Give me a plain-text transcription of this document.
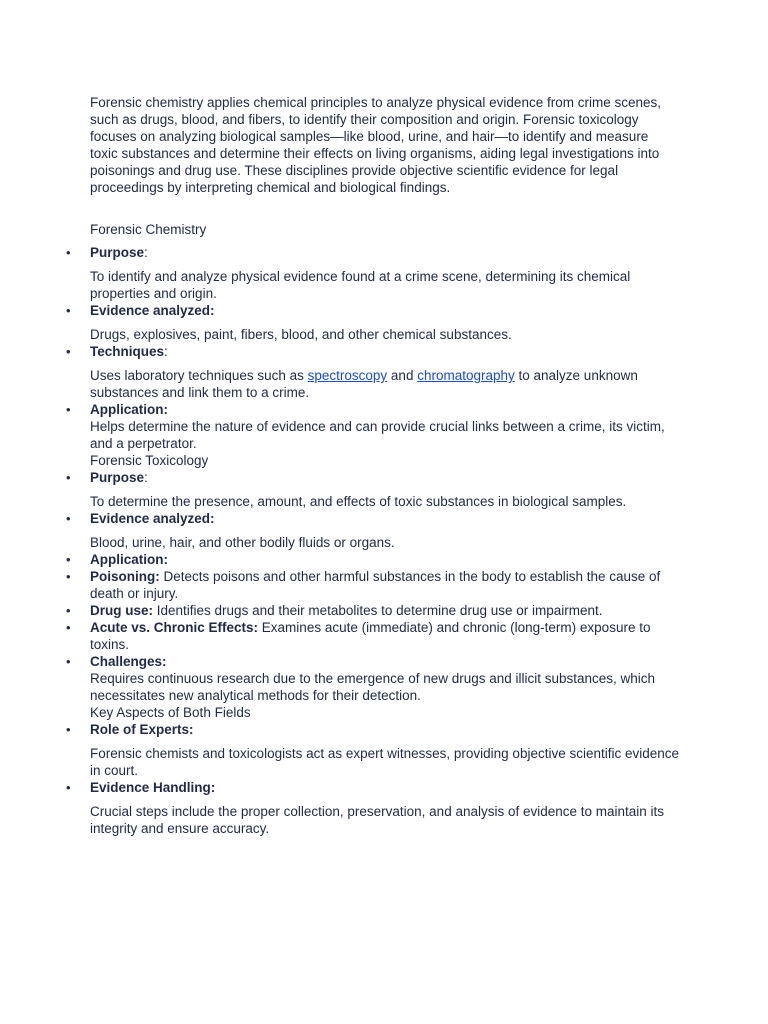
Forensic chemistry applies chemical principles to analyze physical evidence from crime scenes, such as drugs, blood, and fibers, to identify their composition and origin. Forensic toxicology focuses on analyzing biological samples—like blood, urine, and hair—to identify and measure toxic substances and determine their effects on living organisms, aiding legal investigations into poisonings and drug use. These disciplines provide objective scientific evidence for legal proceedings by interpreting chemical and biological findings.

Forensic Chemistry
• Purpose:
To identify and analyze physical evidence found at a crime scene, determining its chemical properties and origin.
• Evidence analyzed:
Drugs, explosives, paint, fibers, blood, and other chemical substances.
• Techniques:
Uses laboratory techniques such as spectroscopy and chromatography to analyze unknown substances and link them to a crime.
• Application:
Helps determine the nature of evidence and can provide crucial links between a crime, its victim, and a perpetrator.
Forensic Toxicology
• Purpose:
To determine the presence, amount, and effects of toxic substances in biological samples.
• Evidence analyzed:
Blood, urine, hair, and other bodily fluids or organs.
• Application:
• Poisoning: Detects poisons and other harmful substances in the body to establish the cause of death or injury.
• Drug use: Identifies drugs and their metabolites to determine drug use or impairment.
• Acute vs. Chronic Effects: Examines acute (immediate) and chronic (long-term) exposure to toxins.
• Challenges:
Requires continuous research due to the emergence of new drugs and illicit substances, which necessitates new analytical methods for their detection.
Key Aspects of Both Fields
• Role of Experts:
Forensic chemists and toxicologists act as expert witnesses, providing objective scientific evidence in court.
• Evidence Handling:
Crucial steps include the proper collection, preservation, and analysis of evidence to maintain its integrity and ensure accuracy.
